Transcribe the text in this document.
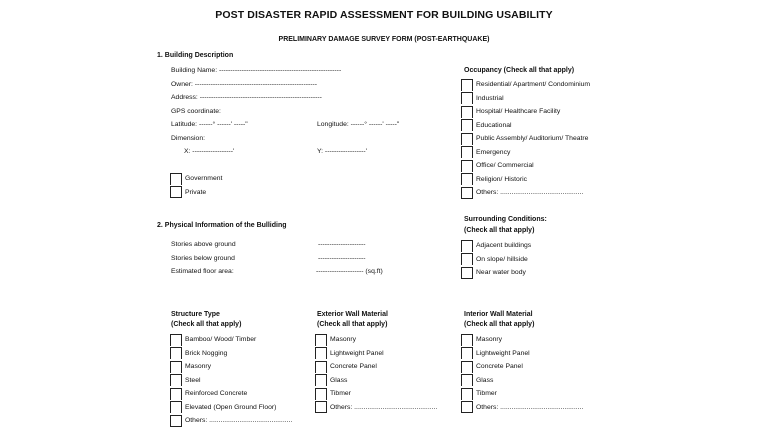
POST DISASTER RAPID ASSESSMENT FOR BUILDING USABILITY
PRELIMINARY DAMAGE SURVEY FORM (POST-EARTHQUAKE)
1. Building Description
Building Name: ------------------------------------------------------
Owner: ------------------------------------------------------
Address: ------------------------------------------------------
GPS coordinate:
Latitude: ------° ------' -----"	Longitude: ------° ------' -----"
Dimension:
X: ------------------'	Y: ------------------'
Government
Private
Occupancy (Check all that apply)
Residential/ Apartment/ Condominium
Industrial
Hospital/ Healthcare Facility
Educational
Public Assembly/ Auditorium/ Theatre
Emergency
Office/ Commercial
Religion/ Historic
Others: ............................................
2. Physical Information of the Bulliding
Stories above ground	---------------------
Stories below ground	---------------------
Estimated floor area:	--------------------- (sq.ft)
Surrounding Conditions:
(Check all that apply)
Adjacent buildings
On slope/ hillside
Near water body
Structure Type
(Check all that apply)
Bamboo/ Wood/ Timber
Brick Nogging
Masonry
Steel
Reinforced Concrete
Elevated (Open Ground Floor)
Others: ............................................
Exterior Wall Material
(Check all that apply)
Masonry
Lightweight Panel
Concrete Panel
Glass
Tibmer
Others: ............................................
Interior Wall Material
(Check all that apply)
Masonry
Lightweight Panel
Concrete Panel
Glass
Tibmer
Others: ............................................
